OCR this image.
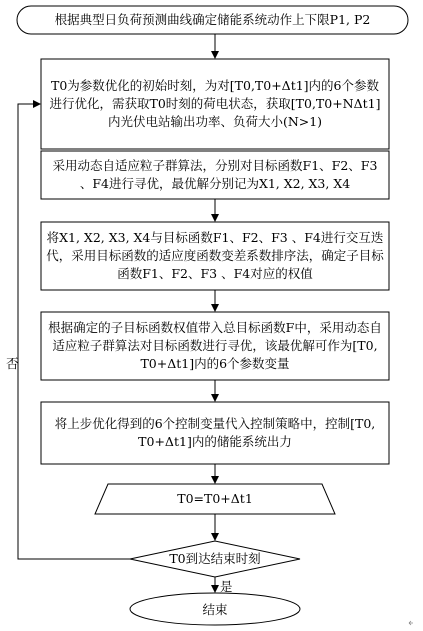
根据典型日负荷预测曲线确定储能系统动作上下限P1, P2
T0为参数优化的初始时刻，为对[T0,T0+Δt1]内的6个参数进行优化，需获取T0时刻的荷电状态，获取[T0,T0+NΔt1]内光伏电站输出功率、负荷大小(N>1)
采用动态自适应粒子群算法，分别对目标函数F1、F2、F3 、F4进行寻优，最优解分别记为X1, X2, X3, X4
将X1, X2, X3, X4与目标函数F1、F2、F3 、F4进行交互迭代，采用目标函数的适应度函数变差系数排序法，确定子目标函数F1、F2、F3 、F4对应的权值
根据确定的子目标函数权值带入总目标函数F中，采用动态自适应粒子群算法对目标函数进行寻优，该最优解可作为[T0, T0+Δt1]内的6个参数变量
将上步优化得到的6个控制变量代入控制策略中，控制[T0, T0+Δt1]内的储能系统出力
T0=T0+Δt1
T0到达结束时刻
结束
否
是
